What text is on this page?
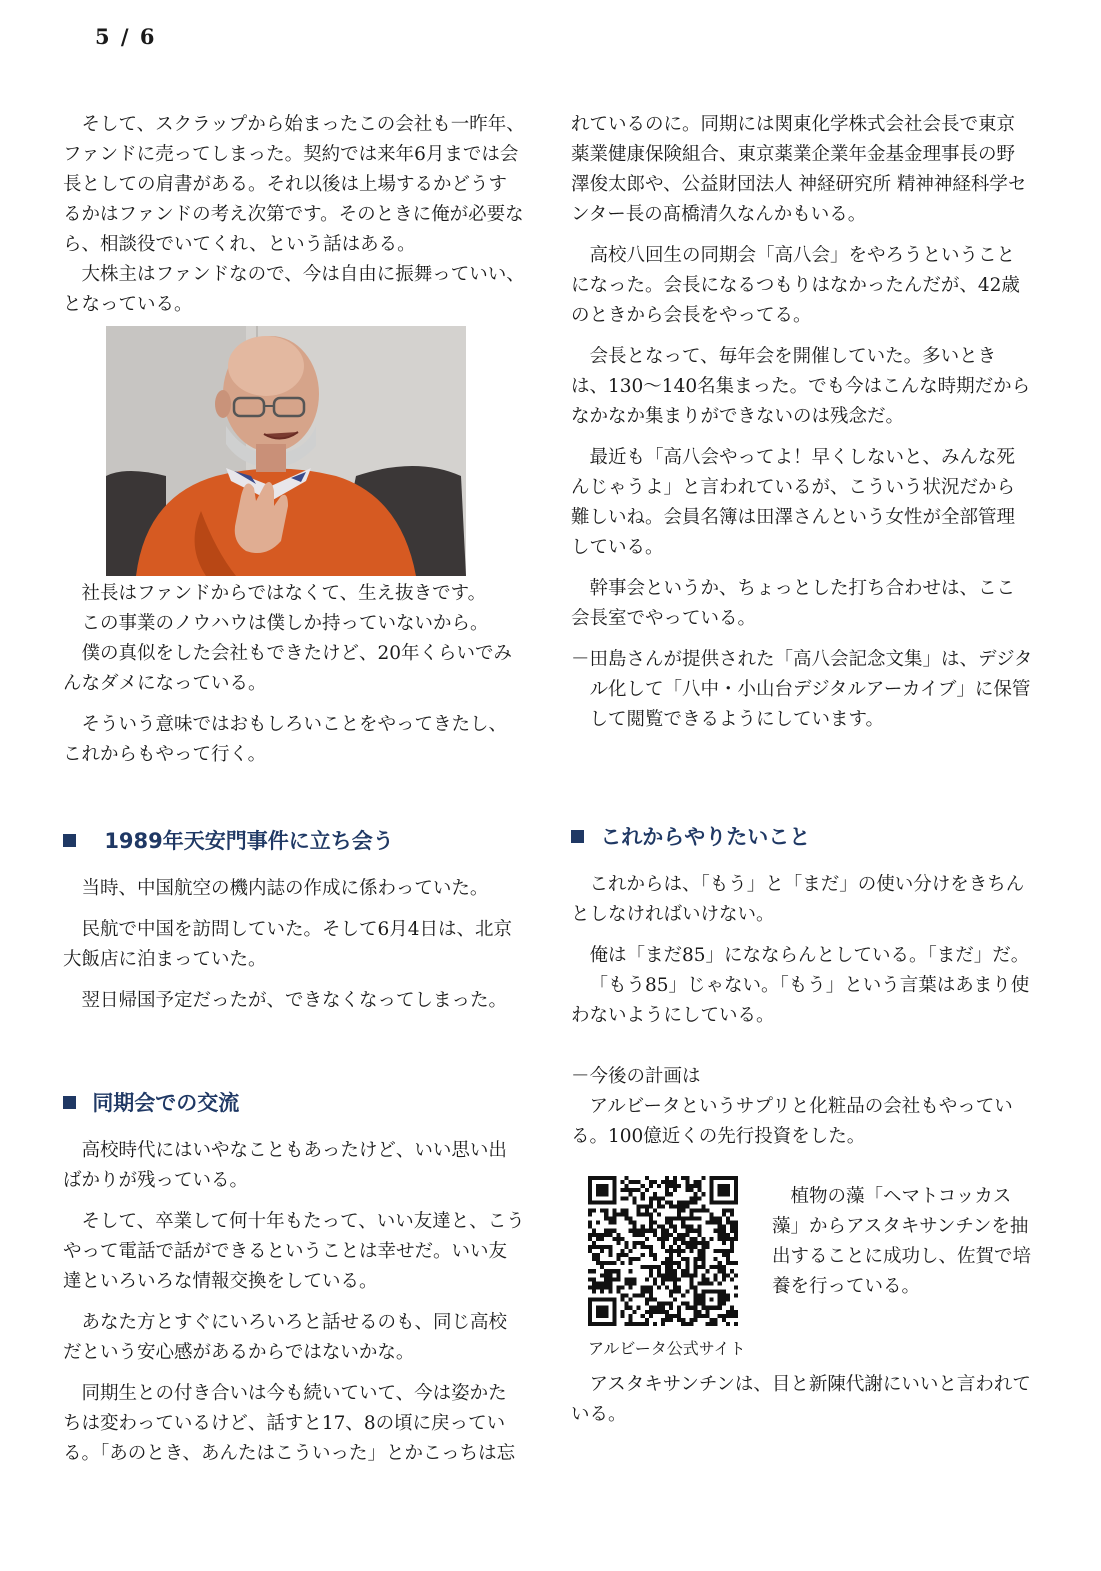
5 / 6

そして、スクラップから始まったこの会社も一昨年、ファンドに売ってしまった。契約では来年6月までは会長としての肩書がある。それ以後は上場するかどうするかはファンドの考え次第です。そのときに俺が必要なら、相談役でいてくれ、という話はある。

大株主はファンドなので、今は自由に振舞っていい、となっている。

社長はファンドからではなくて、生え抜きです。

この事業のノウハウは僕しか持っていないから。

僕の真似をした会社もできたけど、20年くらいでみんなダメになっている。

そういう意味ではおもしろいことをやってきたし、これからもやって行く。

1989年天安門事件に立ち会う

当時、中国航空の機内誌の作成に係わっていた。

民航で中国を訪問していた。そして6月4日は、北京大飯店に泊まっていた。

翌日帰国予定だったが、できなくなってしまった。

同期会での交流

高校時代にはいやなこともあったけど、いい思い出ばかりが残っている。

そして、卒業して何十年もたって、いい友達と、こうやって電話で話ができるということは幸せだ。いい友達といろいろな情報交換をしている。

あなた方とすぐにいろいろと話せるのも、同じ高校だという安心感があるからではないかな。

同期生との付き合いは今も続いていて、今は姿かたちは変わっているけど、話すと17、8の頃に戻っている。「あのとき、あんたはこういった」とかこっちは忘

れているのに。同期には関東化学株式会社会長で東京薬業健康保険組合、東京薬業企業年金基金理事長の野澤俊太郎や、公益財団法人 神経研究所 精神神経科学センター長の髙橋清久なんかもいる。

高校八回生の同期会「高八会」をやろうということになった。会長になるつもりはなかったんだが、42歳のときから会長をやってる。

会長となって、毎年会を開催していた。多いときは、130〜140名集まった。でも今はこんな時期だからなかなか集まりができないのは残念だ。

最近も「高八会やってよ！早くしないと、みんな死んじゃうよ」と言われているが、こういう状況だから難しいね。会員名簿は田澤さんという女性が全部管理している。

幹事会というか、ちょっとした打ち合わせは、ここ会長室でやっている。

－田島さんが提供された「高八会記念文集」は、デジタル化して「八中・小山台デジタルアーカイブ」に保管して閲覧できるようにしています。

これからやりたいこと

これからは、「もう」と「まだ」の使い分けをきちんとしなければいけない。

俺は「まだ85」になならんとしている。「まだ」だ。

「もう85」じゃない。「もう」という言葉はあまり使わないようにしている。

－今後の計画は

アルビータというサプリと化粧品の会社もやっている。100億近くの先行投資をした。

アルビータ公式サイト

植物の藻「ヘマトコッカス藻」からアスタキサンチンを抽出することに成功し、佐賀で培養を行っている。

アスタキサンチンは、目と新陳代謝にいいと言われている。
